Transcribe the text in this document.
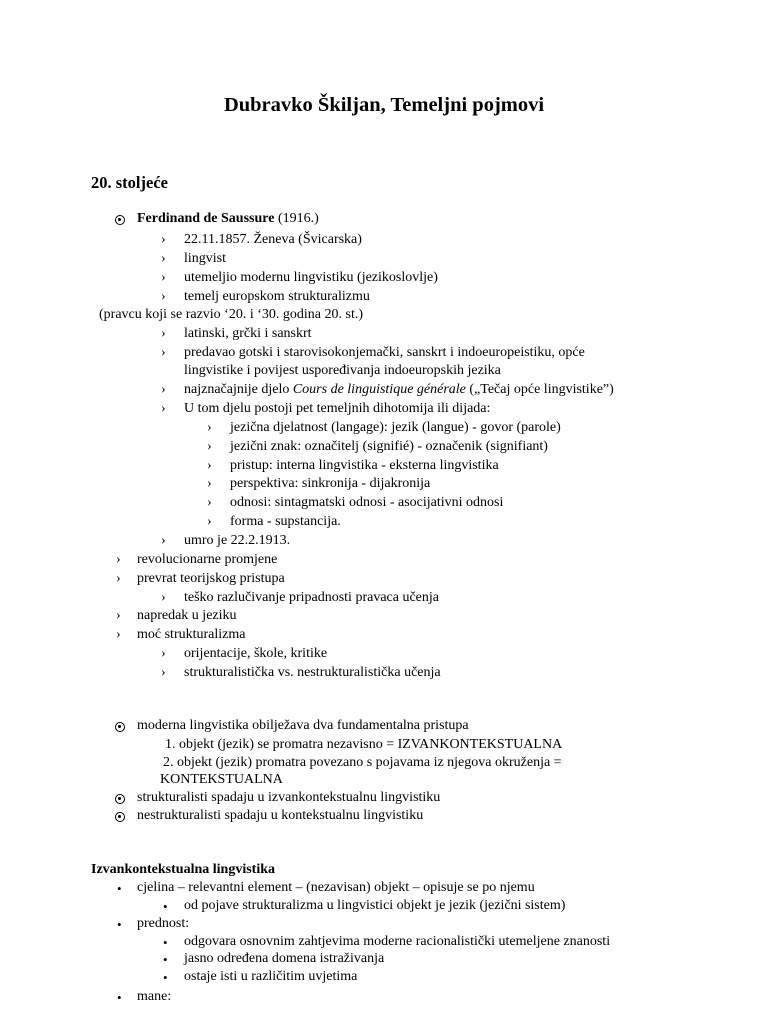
Dubravko Škiljan, Temeljni pojmovi
20. stoljeće
Ferdinand de Saussure (1916.)
› 22.11.1857. Ženeva (Švicarska)
› lingvist
› utemeljio modernu lingvistiku (jezikoslovlje)
› temelj europskom strukturalizmu
(pravcu koji se razvio ‘20. i ‘30. godina 20. st.)
› latinski, grčki i sanskrt
› predavao gotski i starovisokonjemački, sanskrt i indoeuropeistiku, opće
lingvistike i povijest uspoređivanja indoeuropskih jezika
› najznačajnije djelo Cours de linguistique générale („Tečaj opće lingvistike”)
› U tom djelu postoji pet temeljnih dihotomija ili dijada:
› jezična djelatnost (langage): jezik (langue) - govor (parole)
› jezični znak: označitelj (signifié) - označenik (signifiant)
› pristup: interna lingvistika - eksterna lingvistika
› perspektiva: sinkronija - dijakronija
› odnosi: sintagmatski odnosi - asocijativni odnosi
› forma - supstancija.
› umro je 22.2.1913.
› revolucionarne promjene
› prevrat teorijskog pristupa
› teško razlučivanje pripadnosti pravaca učenja
› napredak u jeziku
› moć strukturalizma
› orijentacije, škole, kritike
› strukturalistička vs. nestrukturalistička učenja
moderna lingvistika obilježava dva fundamentalna pristupa
1. objekt (jezik) se promatra nezavisno = IZVANKONTEKSTUALNA
2. objekt (jezik) promatra povezano s pojavama iz njegova okruženja =
KONTEKSTUALNA
strukturalisti spadaju u izvankontekstualnu lingvistiku
nestrukturalisti spadaju u kontekstualnu lingvistiku
Izvankontekstualna lingvistika
• cjelina – relevantni element – (nezavisan) objekt – opisuje se po njemu
• od pojave strukturalizma u lingvistici objekt je jezik (jezični sistem)
• prednost:
• odgovara osnovnim zahtjevima moderne racionalistički utemeljene znanosti
• jasno određena domena istraživanja
• ostaje isti u različitim uvjetima
• mane:
